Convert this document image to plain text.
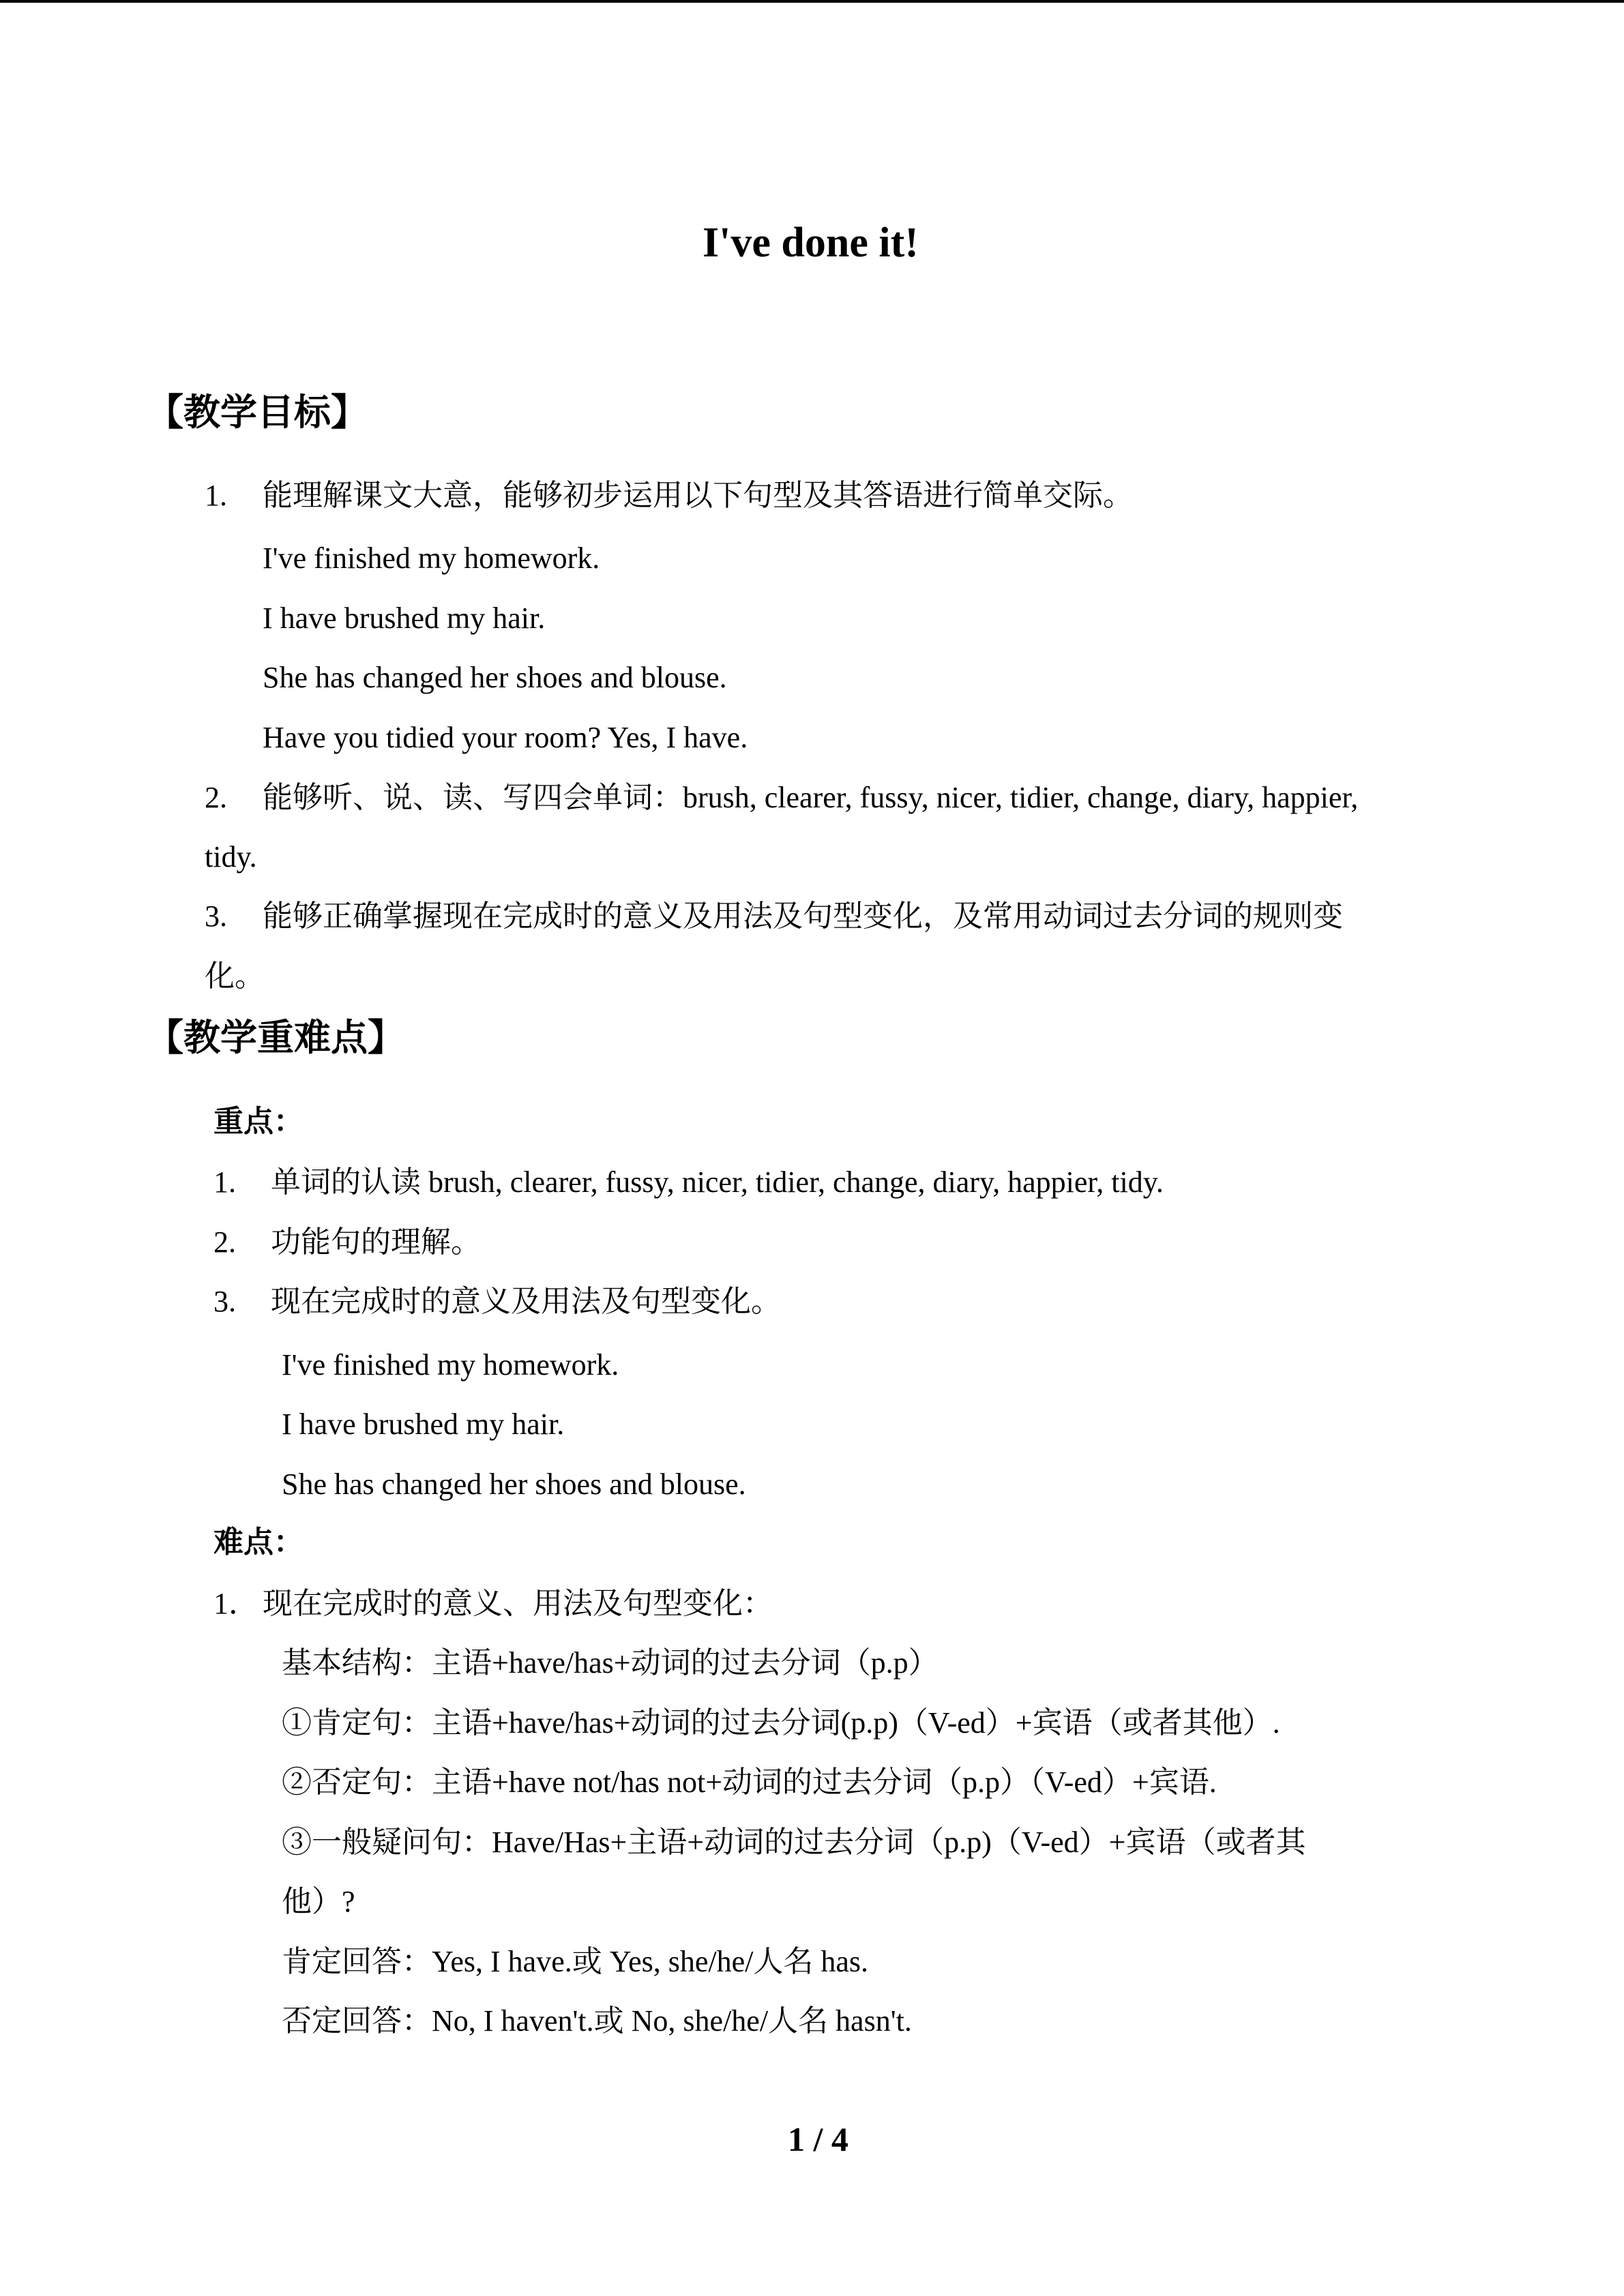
I've done it!
【教学目标】
1. 能理解课文大意，能够初步运用以下句型及其答语进行简单交际。
I've finished my homework.
I have brushed my hair.
She has changed her shoes and blouse.
Have you tidied your room? Yes, I have.
2. 能够听、说、读、写四会单词：brush, clearer, fussy, nicer, tidier, change, diary, happier,
tidy.
3. 能够正确掌握现在完成时的意义及用法及句型变化，及常用动词过去分词的规则变
化。
【教学重难点】
重点：
1. 单词的认读 brush, clearer, fussy, nicer, tidier, change, diary, happier, tidy.
2. 功能句的理解。
3. 现在完成时的意义及用法及句型变化。
I've finished my homework.
I have brushed my hair.
She has changed her shoes and blouse.
难点：
1． 现在完成时的意义、用法及句型变化：
基本结构：主语+have/has+动词的过去分词（p.p）
①肯定句：主语+have/has+动词的过去分词(p.p)（V-ed）+宾语（或者其他）.
②否定句：主语+have not/has not+动词的过去分词（p.p）（V-ed）+宾语.
③一般疑问句：Have/Has+主语+动词的过去分词（p.p)（V-ed）+宾语（或者其
他）?
肯定回答：Yes, I have.或 Yes, she/he/人名 has.
否定回答：No, I haven't.或 No, she/he/人名 hasn't.
1 / 4
